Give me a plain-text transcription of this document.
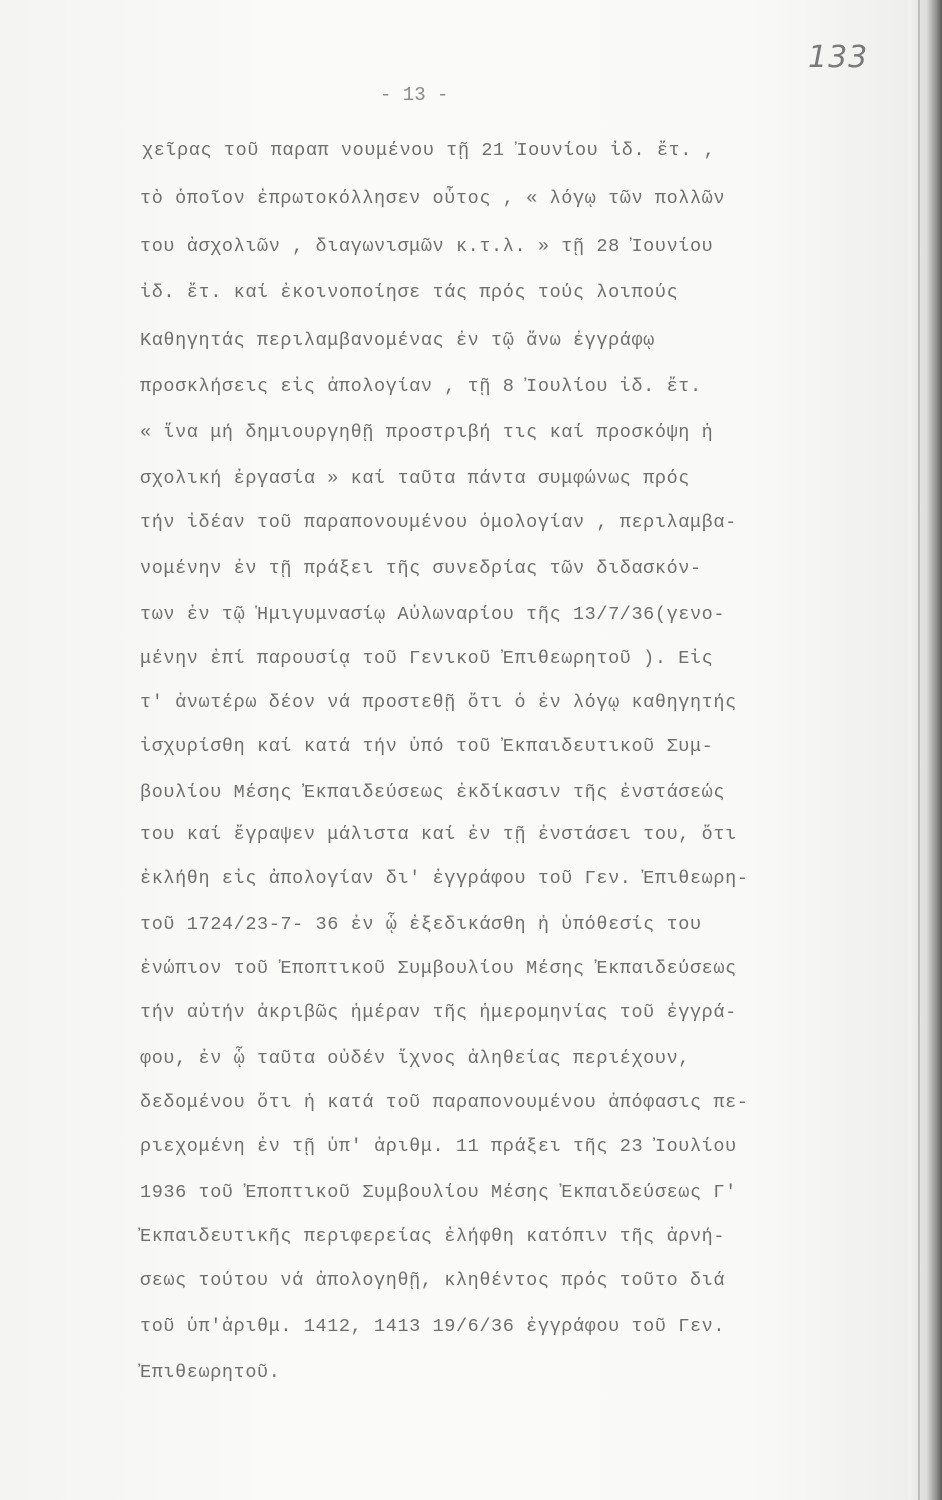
133
- 13 -
χεῖρας τοῦ παραπ νουμένου τῇ 21 Ἰουνίου ἰδ. ἔτ. ,
τὸ ὁποῖον ἐπρωτοκόλλησεν οὗτος , « λόγῳ τῶν πολλῶν
του ἀσχολιῶν , διαγωνισμῶν κ.τ.λ. » τῇ 28 Ἰουνίου
ἰδ. ἔτ. καί ἐκοινοποίησε τάς πρός τούς λοιπούς
Καθηγητάς περιλαμβανομένας ἐν τῷ ἄνω ἐγγράφῳ
προσκλήσεις εἰς ἀπολογίαν , τῇ 8 Ἰουλίου ἰδ. ἔτ.
« ἵνα μή δημιουργηθῇ προστριβή τις καί προσκόψη ἡ
σχολική ἐργασία » καί ταῦτα πάντα συμφώνως πρός
τήν ἰδέαν τοῦ παραπονουμένου ὁμολογίαν , περιλαμβα-
νομένην ἐν τῇ πράξει τῆς συνεδρίας τῶν διδασκόν-
των ἐν τῷ Ἡμιγυμνασίῳ Αὐλωναρίου τῆς 13/7/36(γενο-
μένην ἐπί παρουσίᾳ τοῦ Γενικοῦ Ἐπιθεωρητοῦ ). Εἰς
τ' ἀνωτέρω δέον νά προστεθῇ ὅτι ὁ ἐν λόγῳ καθηγητής
ἰσχυρίσθη καί κατά τήν ὑπό τοῦ Ἐκπαιδευτικοῦ Συμ-
βουλίου Μέσης Ἐκπαιδεύσεως ἐκδίκασιν τῆς ἐνστάσεώς
του καί ἔγραψεν μάλιστα καί ἐν τῇ ἐνστάσει του, ὅτι
ἐκλήθη εἰς ἀπολογίαν δι' ἐγγράφου τοῦ Γεν. Ἐπιθεωρη-
τοῦ 1724/23-7- 36 ἐν ᾧ ἐξεδικάσθη ἡ ὑπόθεσίς του
ἐνώπιον τοῦ Ἐποπτικοῦ Συμβουλίου Μέσης Ἐκπαιδεύσεως
τήν αὐτήν ἀκριβῶς ἡμέραν τῆς ἡμερομηνίας τοῦ ἐγγρά-
φου, ἐν ᾧ ταῦτα οὐδέν ἴχνος ἀληθείας περιέχουν,
δεδομένου ὅτι ἡ κατά τοῦ παραπονουμένου ἀπόφασις πε-
ριεχομένη ἐν τῇ ὑπ' ἀριθμ. 11 πράξει τῆς 23 Ἰουλίου
1936 τοῦ Ἐποπτικοῦ Συμβουλίου Μέσης Ἐκπαιδεύσεως Γ'
Ἐκπαιδευτικῆς περιφερείας ἐλήφθη κατόπιν τῆς ἀρνή-
σεως τούτου νά ἀπολογηθῇ, κληθέντος πρός τοῦτο διά
τοῦ ὑπ'ἀριθμ. 1412, 1413 19/6/36 ἐγγράφου τοῦ Γεν.
Ἐπιθεωρητοῦ.
